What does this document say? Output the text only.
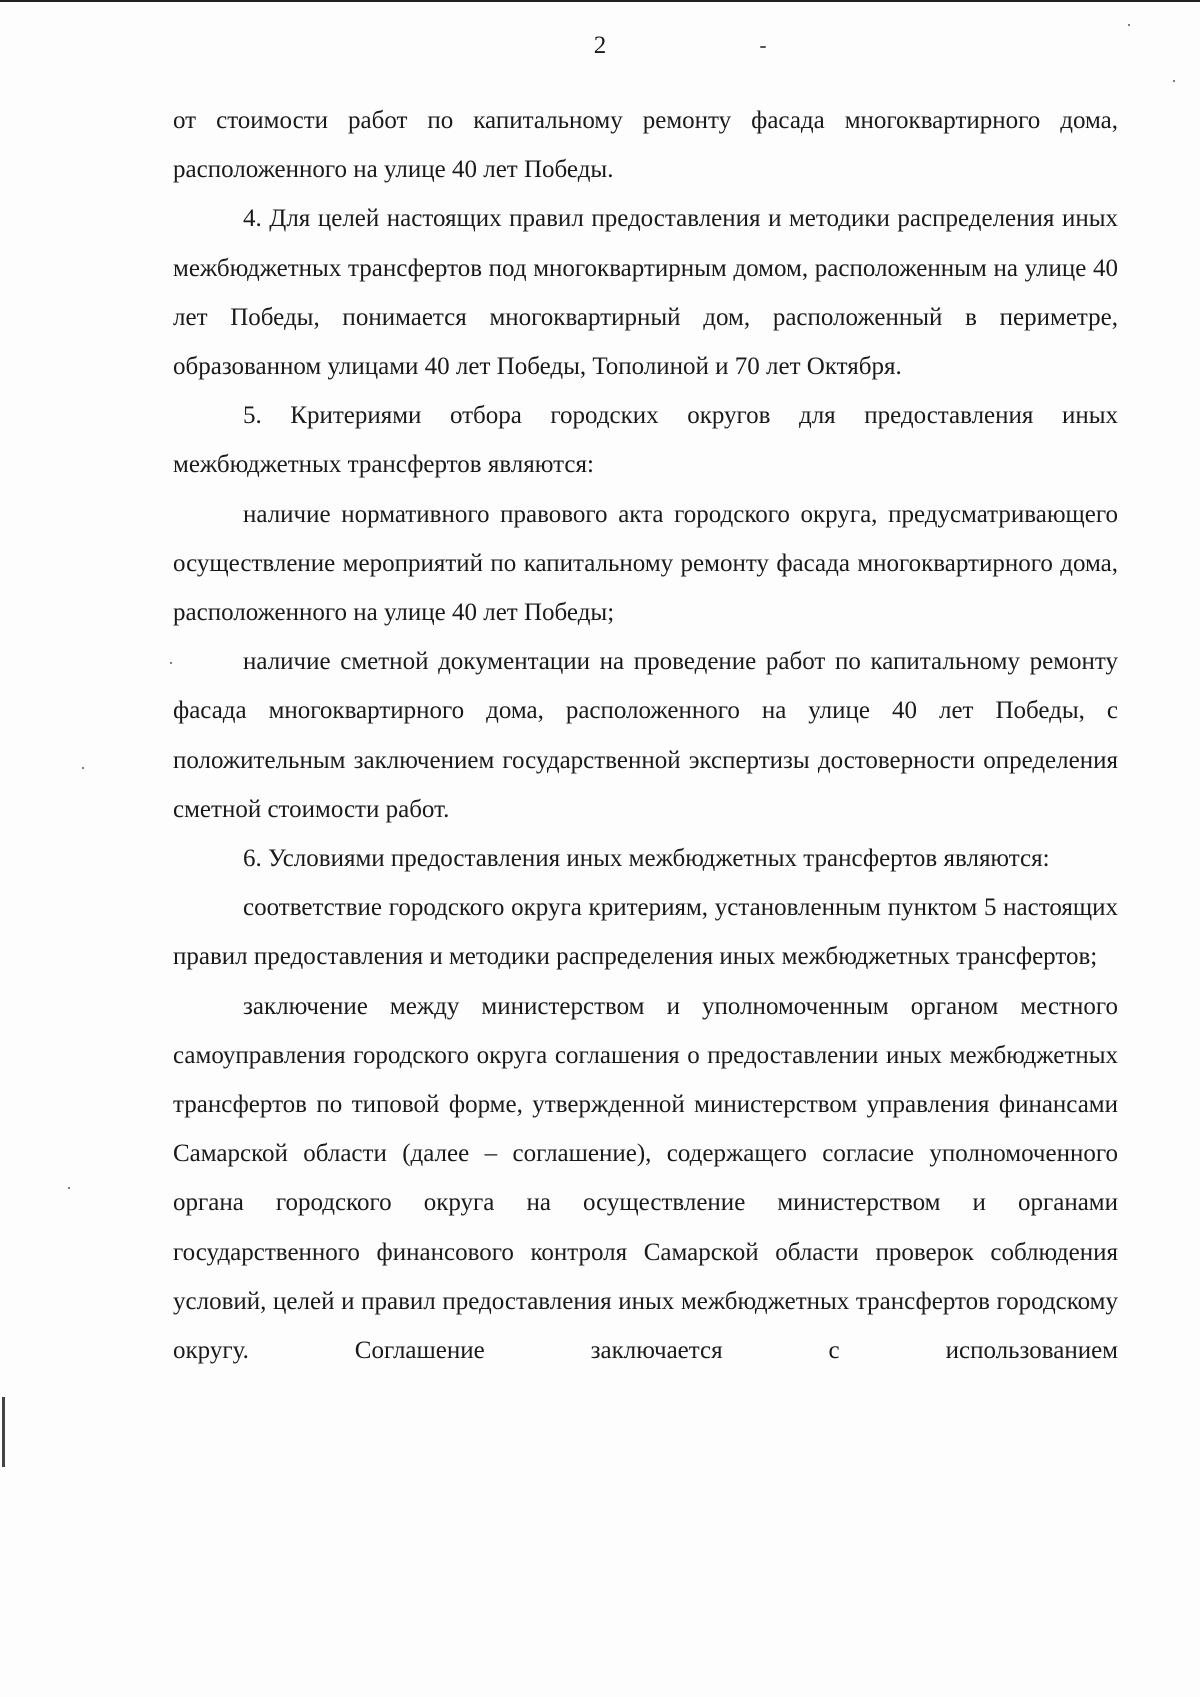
2

от стоимости работ по капитальному ремонту фасада многоквартирного дома, расположенного на улице 40 лет Победы.

4. Для целей настоящих правил предоставления и методики распределения иных межбюджетных трансфертов под многоквартирным домом, расположенным на улице 40 лет Победы, понимается многоквартирный дом, расположенный в периметре, образованном улицами 40 лет Победы, Тополиной и 70 лет Октября.

5. Критериями отбора городских округов для предоставления иных межбюджетных трансфертов являются:

наличие нормативного правового акта городского округа, предусматривающего осуществление мероприятий по капитальному ремонту фасада многоквартирного дома, расположенного на улице 40 лет Победы;

наличие сметной документации на проведение работ по капитальному ремонту фасада многоквартирного дома, расположенного на улице 40 лет Победы, с положительным заключением государственной экспертизы достоверности определения сметной стоимости работ.

6. Условиями предоставления иных межбюджетных трансфертов являются:

соответствие городского округа критериям, установленным пунктом 5 настоящих правил предоставления и методики распределения иных межбюджетных трансфертов;

заключение между министерством и уполномоченным органом местного самоуправления городского округа соглашения о предоставлении иных межбюджетных трансфертов по типовой форме, утвержденной министерством управления финансами Самарской области (далее – соглашение), содержащего согласие уполномоченного органа городского округа на осуществление министерством и органами государственного финансового контроля Самарской области проверок соблюдения условий, целей и правил предоставления иных межбюджетных трансфертов городскому округу. Соглашение заключается с использованием
